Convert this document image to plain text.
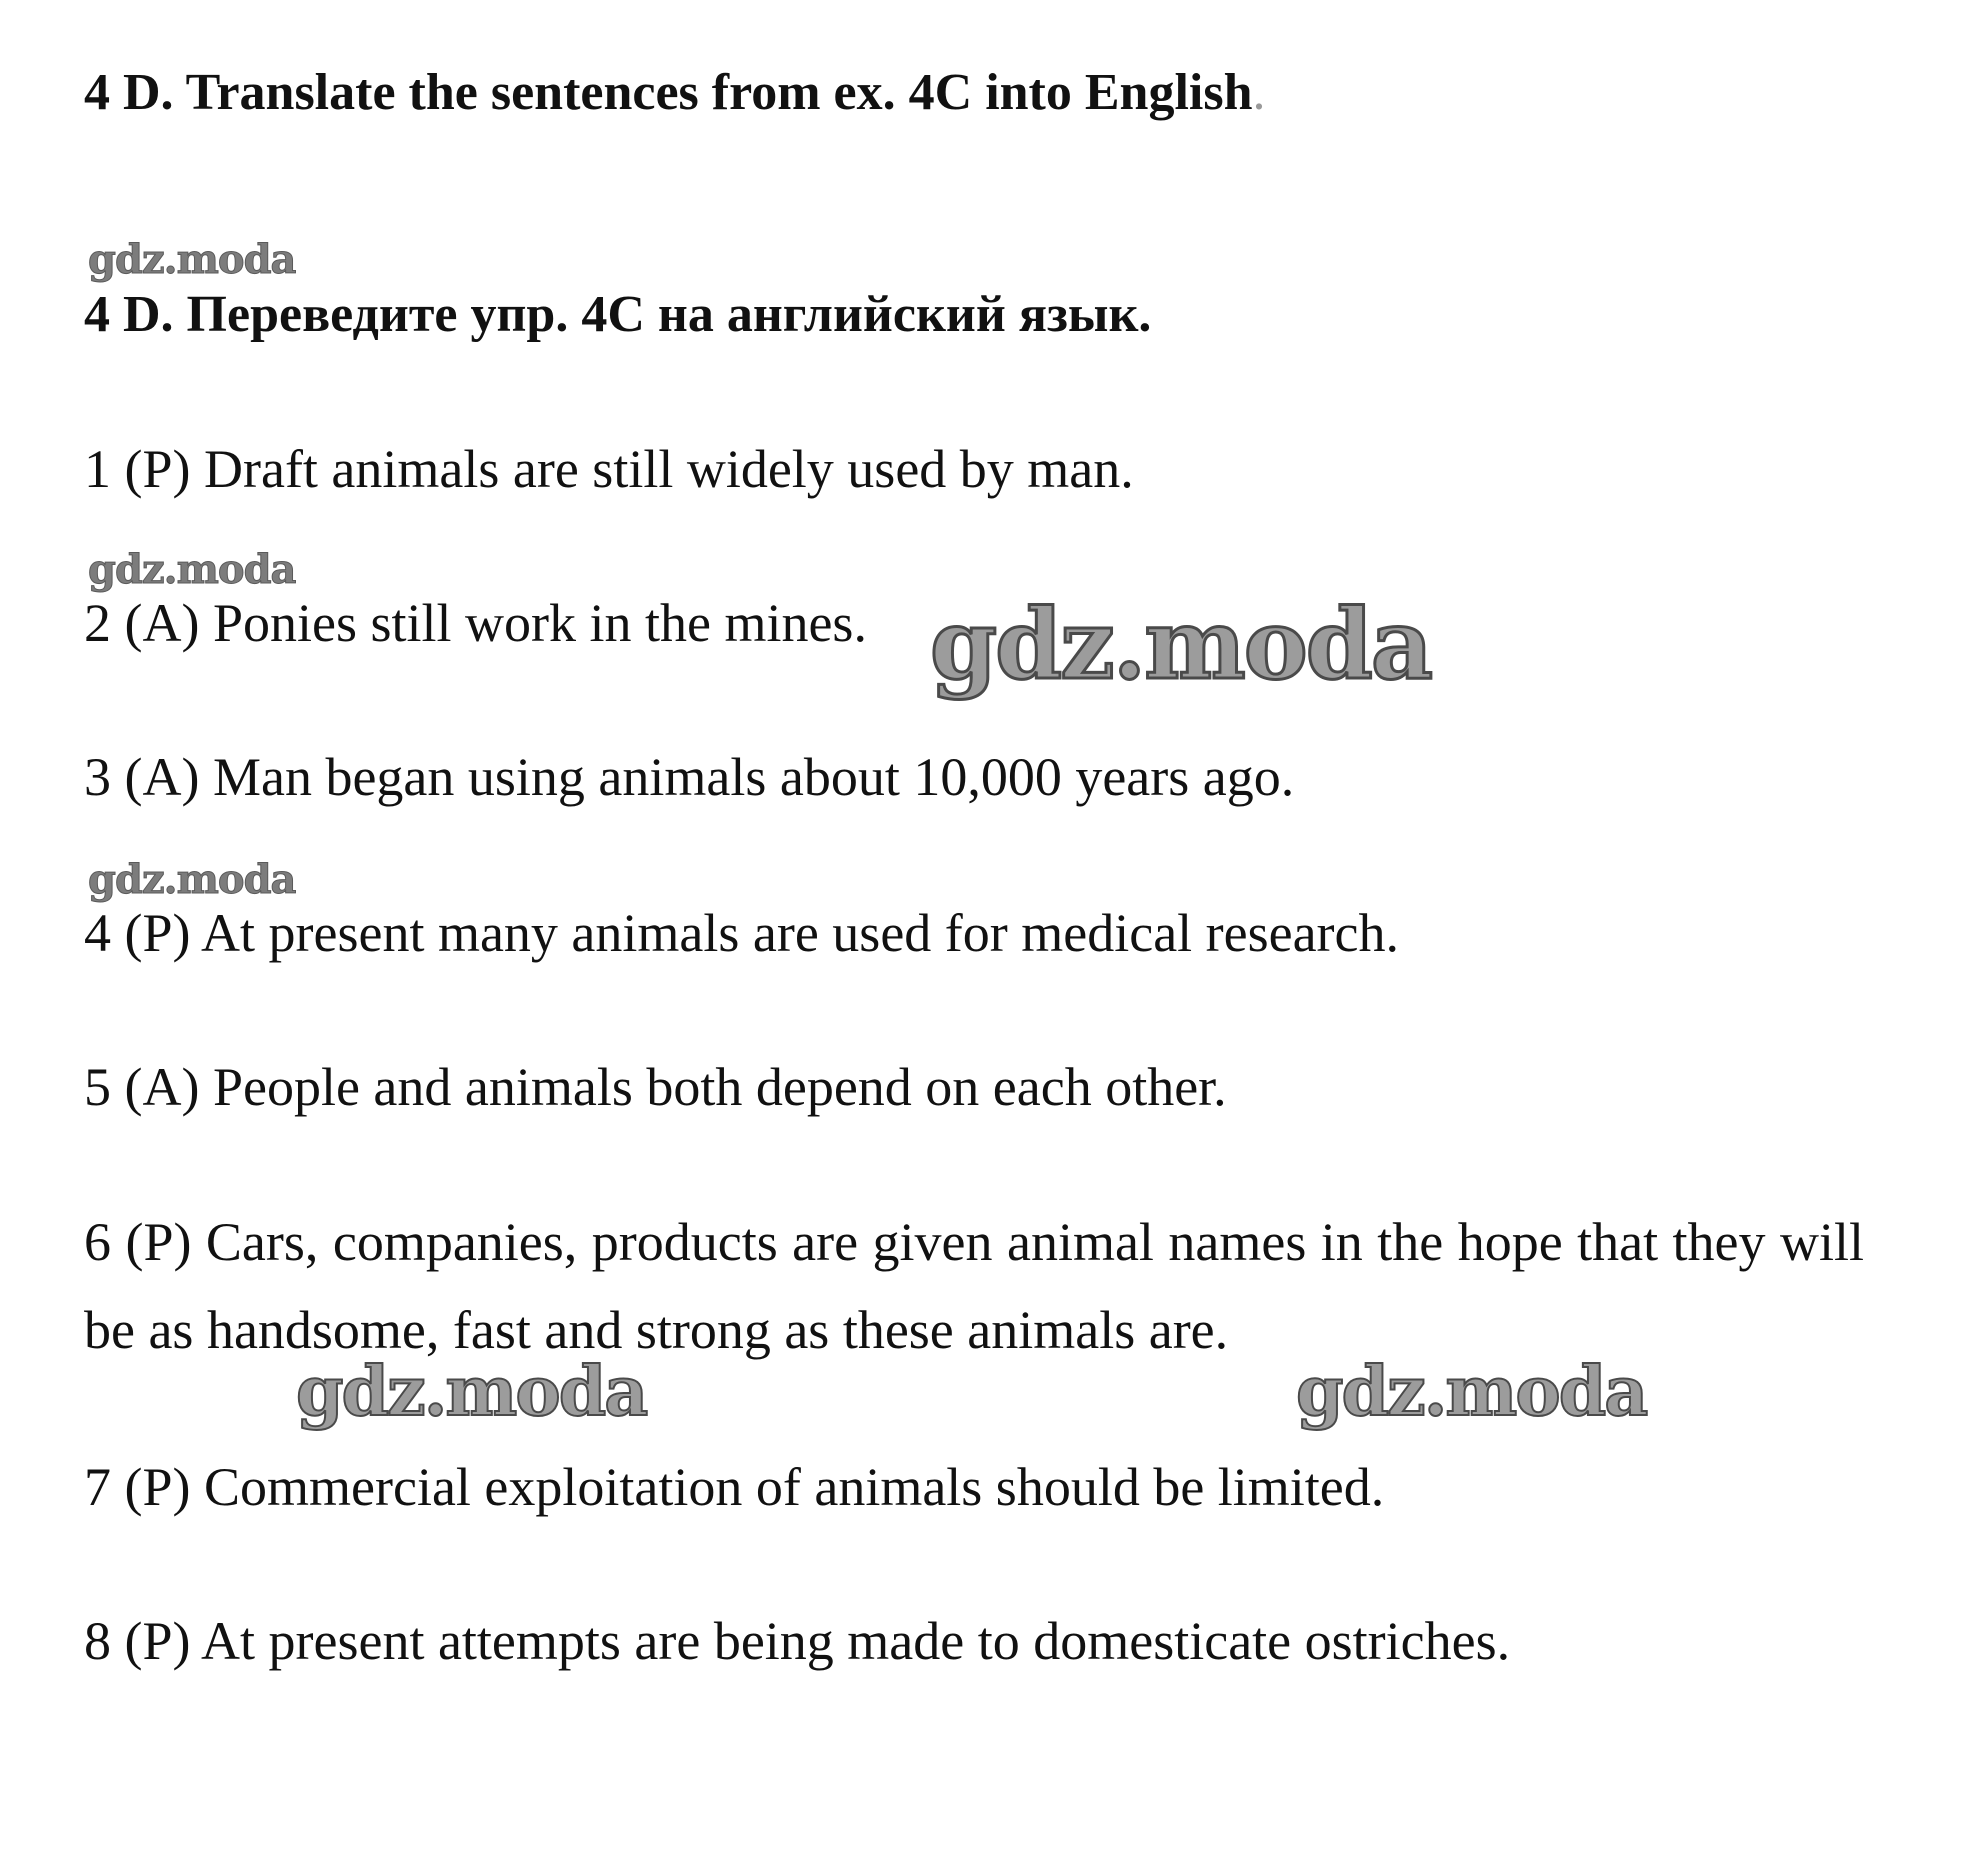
4 D. Translate the sentences from ex. 4C into English.
gdz.moda
4 D. Переведите упр. 4C на английский язык.
1 (P) Draft animals are still widely used by man.
gdz.moda
2 (A) Ponies still work in the mines. gdz.moda
3 (A) Man began using animals about 10,000 years ago.
gdz.moda
4 (P) At present many animals are used for medical research.
5 (A) People and animals both depend on each other.
6 (P) Cars, companies, products are given animal names in the hope that they will be as handsome, fast and strong as these animals are.
gdz.moda	gdz.moda
7 (P) Commercial exploitation of animals should be limited.
8 (P) At present attempts are being made to domesticate ostriches.
